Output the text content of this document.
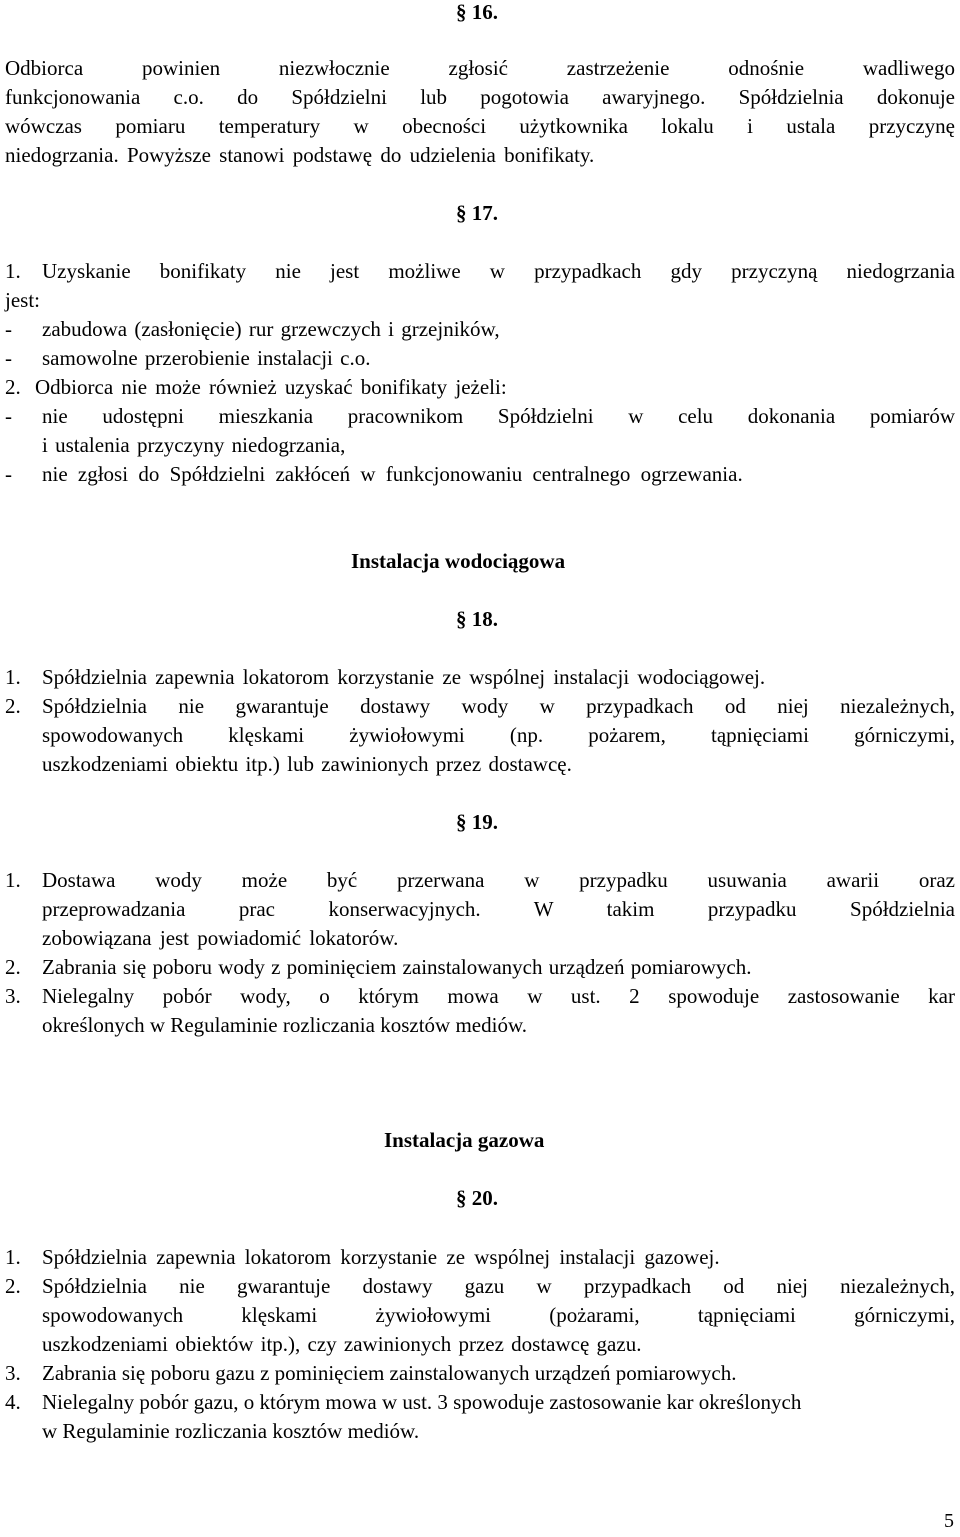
§ 16.
Odbiorca powinien niezwłocznie zgłosić zastrzeżenie odnośnie wadliwego
funkcjonowania c.o. do Spółdzielni lub pogotowia awaryjnego. Spółdzielnia dokonuje
wówczas pomiaru temperatury w obecności użytkownika lokalu i ustala przyczynę
niedogrzania. Powyższe stanowi podstawę do udzielenia bonifikaty.
§ 17.
1. Uzyskanie bonifikaty nie jest możliwe w przypadkach gdy przyczyną niedogrzania
jest:
- zabudowa (zasłonięcie) rur grzewczych i grzejników,
- samowolne przerobienie instalacji c.o.
2. Odbiorca nie może również uzyskać bonifikaty jeżeli:
- nie udostępni mieszkania pracownikom Spółdzielni w celu dokonania pomiarów
i ustalenia przyczyny niedogrzania,
- nie zgłosi do Spółdzielni zakłóceń w funkcjonowaniu centralnego ogrzewania.
Instalacja wodociągowa
§ 18.
1. Spółdzielnia zapewnia lokatorom korzystanie ze wspólnej instalacji wodociągowej.
2. Spółdzielnia nie gwarantuje dostawy wody w przypadkach od niej niezależnych,
spowodowanych klęskami żywiołowymi (np. pożarem, tąpnięciami górniczymi,
uszkodzeniami obiektu itp.) lub zawinionych przez dostawcę.
§ 19.
1. Dostawa wody może być przerwana w przypadku usuwania awarii oraz
przeprowadzania prac konserwacyjnych. W takim przypadku Spółdzielnia
zobowiązana jest powiadomić lokatorów.
2. Zabrania się poboru wody z pominięciem zainstalowanych urządzeń pomiarowych.
3. Nielegalny pobór wody, o którym mowa w ust. 2 spowoduje zastosowanie kar
określonych w Regulaminie rozliczania kosztów mediów.
Instalacja gazowa
§ 20.
1. Spółdzielnia zapewnia lokatorom korzystanie ze wspólnej instalacji gazowej.
2. Spółdzielnia nie gwarantuje dostawy gazu w przypadkach od niej niezależnych,
spowodowanych klęskami żywiołowymi (pożarami, tąpnięciami górniczymi,
uszkodzeniami obiektów itp.), czy zawinionych przez dostawcę gazu.
3. Zabrania się poboru gazu z pominięciem zainstalowanych urządzeń pomiarowych.
4. Nielegalny pobór gazu, o którym mowa w ust. 3 spowoduje zastosowanie kar określonych
w Regulaminie rozliczania kosztów mediów.
5
